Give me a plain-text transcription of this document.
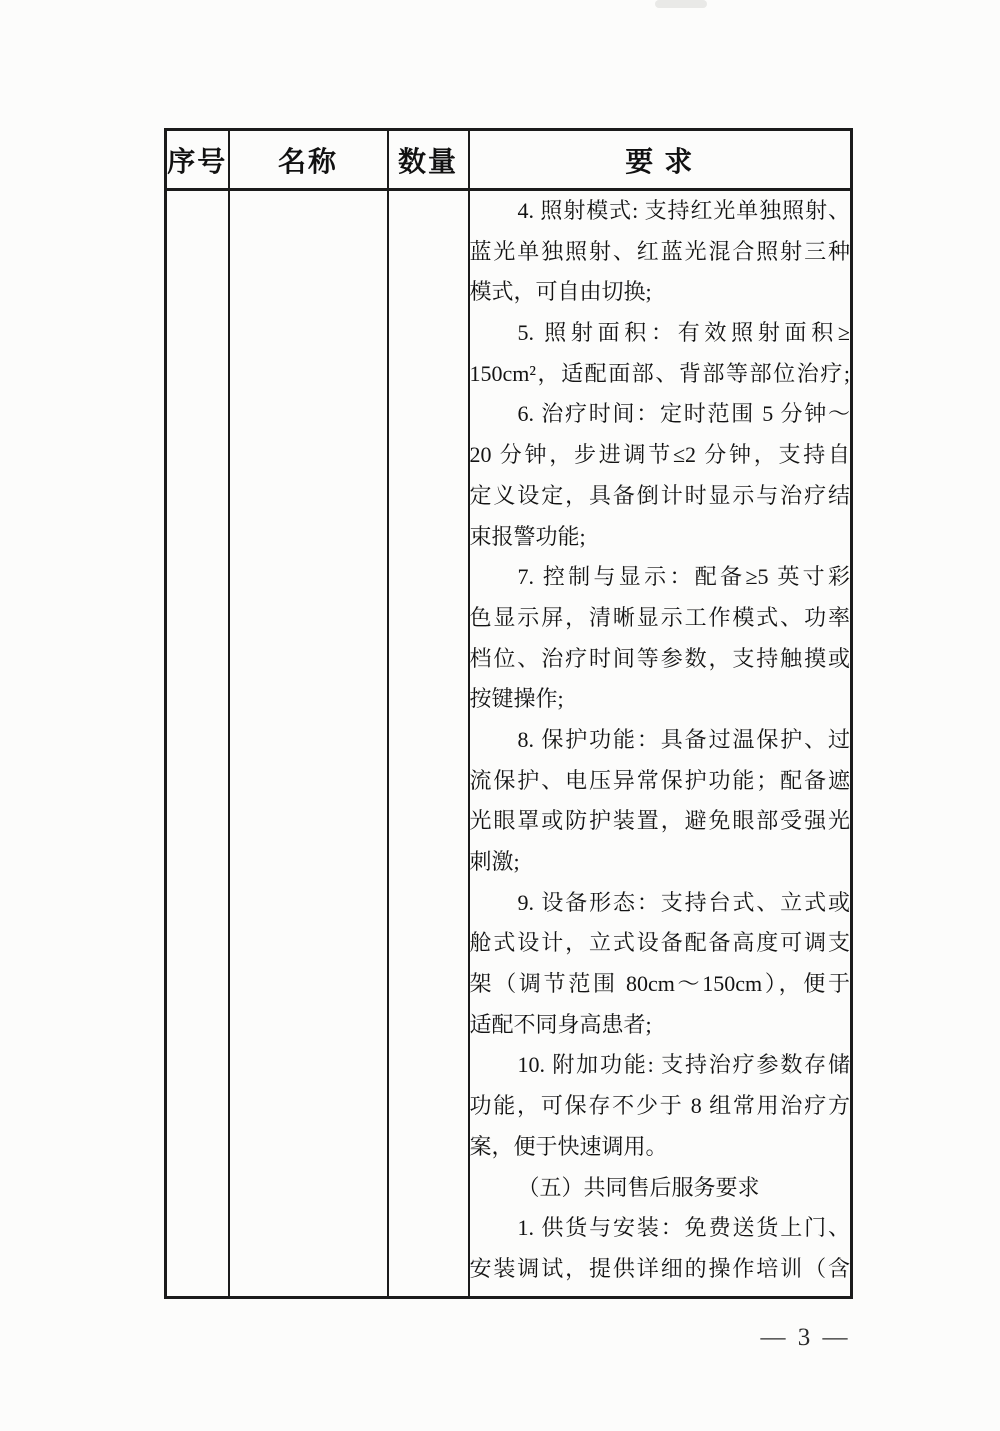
序号	名称	数量	要 求

4. 照射模式: 支持红光单独照射、
蓝光单独照射、红蓝光混合照射三种
模式，可自由切换;
5. 照射面积：有效照射面积≥
150cm²，适配面部、背部等部位治疗;
6. 治疗时间：定时范围 5 分钟～
20 分钟，步进调节≤2 分钟，支持自
定义设定，具备倒计时显示与治疗结
束报警功能;
7. 控制与显示：配备≥5 英寸彩
色显示屏，清晰显示工作模式、功率
档位、治疗时间等参数，支持触摸或
按键操作;
8. 保护功能：具备过温保护、过
流保护、电压异常保护功能；配备遮
光眼罩或防护装置，避免眼部受强光
刺激;
9. 设备形态：支持台式、立式或
舱式设计，立式设备配备高度可调支
架（调节范围 80cm～150cm），便于
适配不同身高患者;
10. 附加功能: 支持治疗参数存储
功能，可保存不少于 8 组常用治疗方
案，便于快速调用。
（五）共同售后服务要求
1. 供货与安装：免费送货上门、
安装调试，提供详细的操作培训（含
— 3 —
